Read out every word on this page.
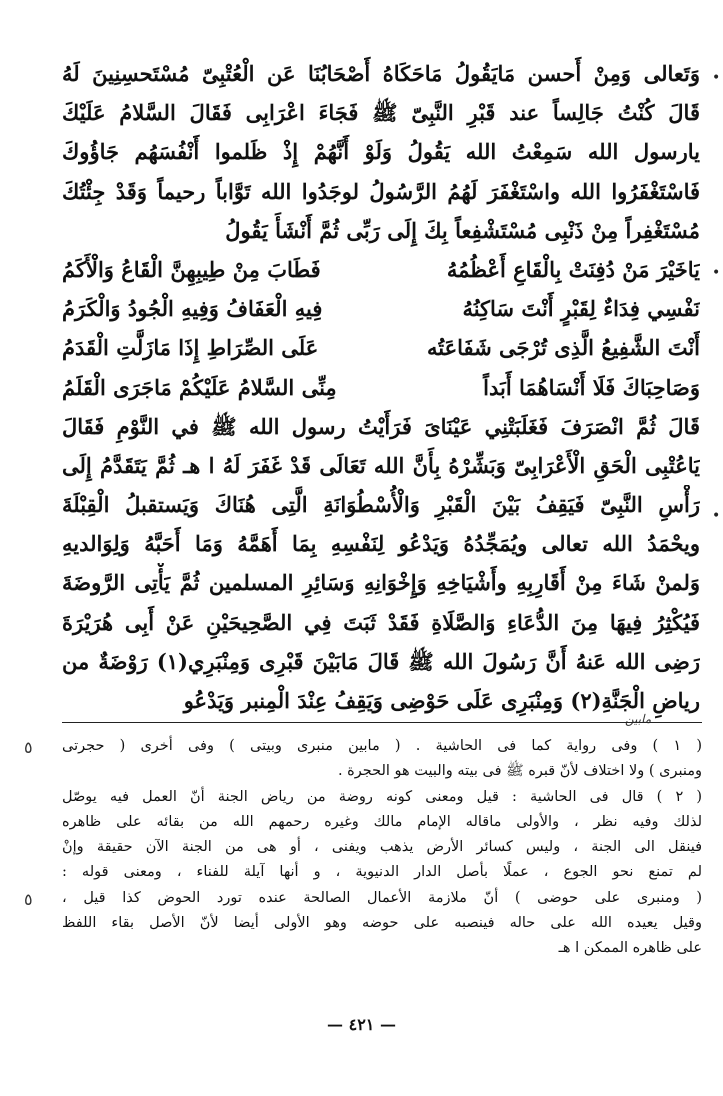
وَتَعالى وَمِنْ أَحسن مَايَقُولُ مَاحَكَاهُ أَصْحَابُنَا عَن الْعُتْبِىّ مُسْتَحسِنِينَ لَهُ
قَالَ كُنْتُ جَالِساً عند قَبْرِ النَّبِىّ ﷺ فَجَاءَ اعْرَابِى فَقَالَ السَّلامُ عَلَيْكَ
يارسول الله سَمِعْتُ الله يَقُولُ وَلَوْ أَنَّهُمْ إِذْ ظَلموا أَنْفُسَهُم جَاؤُوكَ
فَاسْتَغْفَرُوا الله واسْتَغْفَرَ لَهُمُ الرَّسُولُ لوجَدُوا الله تَوَّاباً رحيماً وَقَدْ جِئْتُكَ
مُسْتَغْفِراً مِنْ ذَنْبِى مُسْتَشْفِعاً بِكَ إِلَى رَبِّى ثُمَّ أَنْشَأَ يَقُولُ
يَاخَيْرَ مَنْ دُفِنَتْ بِالْقَاعِ أَعْظُمُهُ
فَطَابَ مِنْ طِيبِهِنَّ الْقَاعُ وَالْأَكَمُ
نَفْسِي فِدَاءٌ لِقَبْرٍ أَنْتَ سَاكِنُهُ
فِيهِ الْعَفَافُ وَفِيهِ الْجُودُ وَالْكَرَمُ
أَنْتَ الشَّفِيعُ الَّذِى تُرْجَى شَفَاعَتُه
عَلَى الصِّرَاطِ إِذَا مَازَلَّتِ الْقَدَمُ
وَصَاحِبَاكَ فَلَا أَنْسَاهُمَا أَبَداً
مِنِّى السَّلامُ عَلَيْكُمْ مَاجَرَى الْقَلَمُ
قَالَ ثُمَّ انْصَرَفَ فَغَلَبَتْنِي عَيْنَاىَ فَرَأَيْتُ رسول الله ﷺ في النَّوْمِ فَقَالَ
يَاعُتْبِى الْحَقِ الْأَعْرَابِىّ وَبَشِّرْهُ بِأَنَّ الله تَعَالَى قَدْ غَفَرَ لَهُ ا هـ ثُمَّ يَتَقَدَّمُ إِلَى
رَأْسِ النَّبِىّ فَيَقِفُ بَيْنَ الْقَبْرِ وَالْأُسْطُوَانَةِ الَّتِى هُنَاكَ وَيَستقبلُ الْقِبْلَةَ
ويحْمَدُ الله تعالى ويُمَجِّدُهُ وَيَدْعُو لِنَفْسِهِ بِمَا أَهَمَّهُ وَمَا أَحَبَّهُ وَلِوَالديهِ
وَلمنْ شَاءَ مِنْ أَقَارِبِهِ وأَشْيَاخِهِ وَإِخْوَانِهِ وَسَائِرِ المسلمين ثُمَّ يَأْتِى الرَّوضَةَ
فَيُكْثِرُ فِيهَا مِنَ الدُّعَاءِ وَالصَّلَاةِ فَقَدْ ثَبَتَ فِي الصَّحِيحَيْنِ عَنْ أَبِى هُرَيْرَةَ
رَضِى الله عَنهُ أَنَّ رَسُولَ الله ﷺ قَالَ مَابَيْنَ قَبْرِى وَمِنْبَرِي(١) رَوْضَةٌ من
رياضِ الْجَنَّةِ(٢) وَمِنْبَرِى عَلَى حَوْضِى وَيَقِفُ عِنْدَ الْمِنبر وَيَدْعُو
مابين
( ١ ) وفى رواية كما فى الحاشية . ( مابين منبرى وبيتى ) وفى أخرى ( حجرتى
ومنبرى ) ولا اختلاف لأنّ قبره ﷺ فى بيته والبيت هو الحجرة .
( ٢ ) قال فى الحاشية : قيل ومعنى كونه روضة من رياض الجنة أنّ العمل فيه يوصّل
لذلك وفيه نظر ، والأولى ماقاله الإمام مالك وغيره رحمهم الله من بقائه على ظاهره
فينقل الى الجنة ، وليس كسائر الأرض يذهب ويفنى ، أو هى من الجنة الآن حقيقة وإنْ
لم تمنع نحو الجوع ، عملًا بأصل الدار الدنيوية ، و أنها آيلة للفناء ، ومعنى قوله :
( ومنبرى على حوضى ) أنّ ملازمة الأعمال الصالحة عنده تورد الحوض كذا قيل ،
وقيل يعيده الله على حاله فينصبه على حوضه وهو الأولى أيضا لأنّ الأصل بقاء اللفظ
على ظاهره الممكن ا هـ
•
•
•
٥
٥
— ٤٢١ —
